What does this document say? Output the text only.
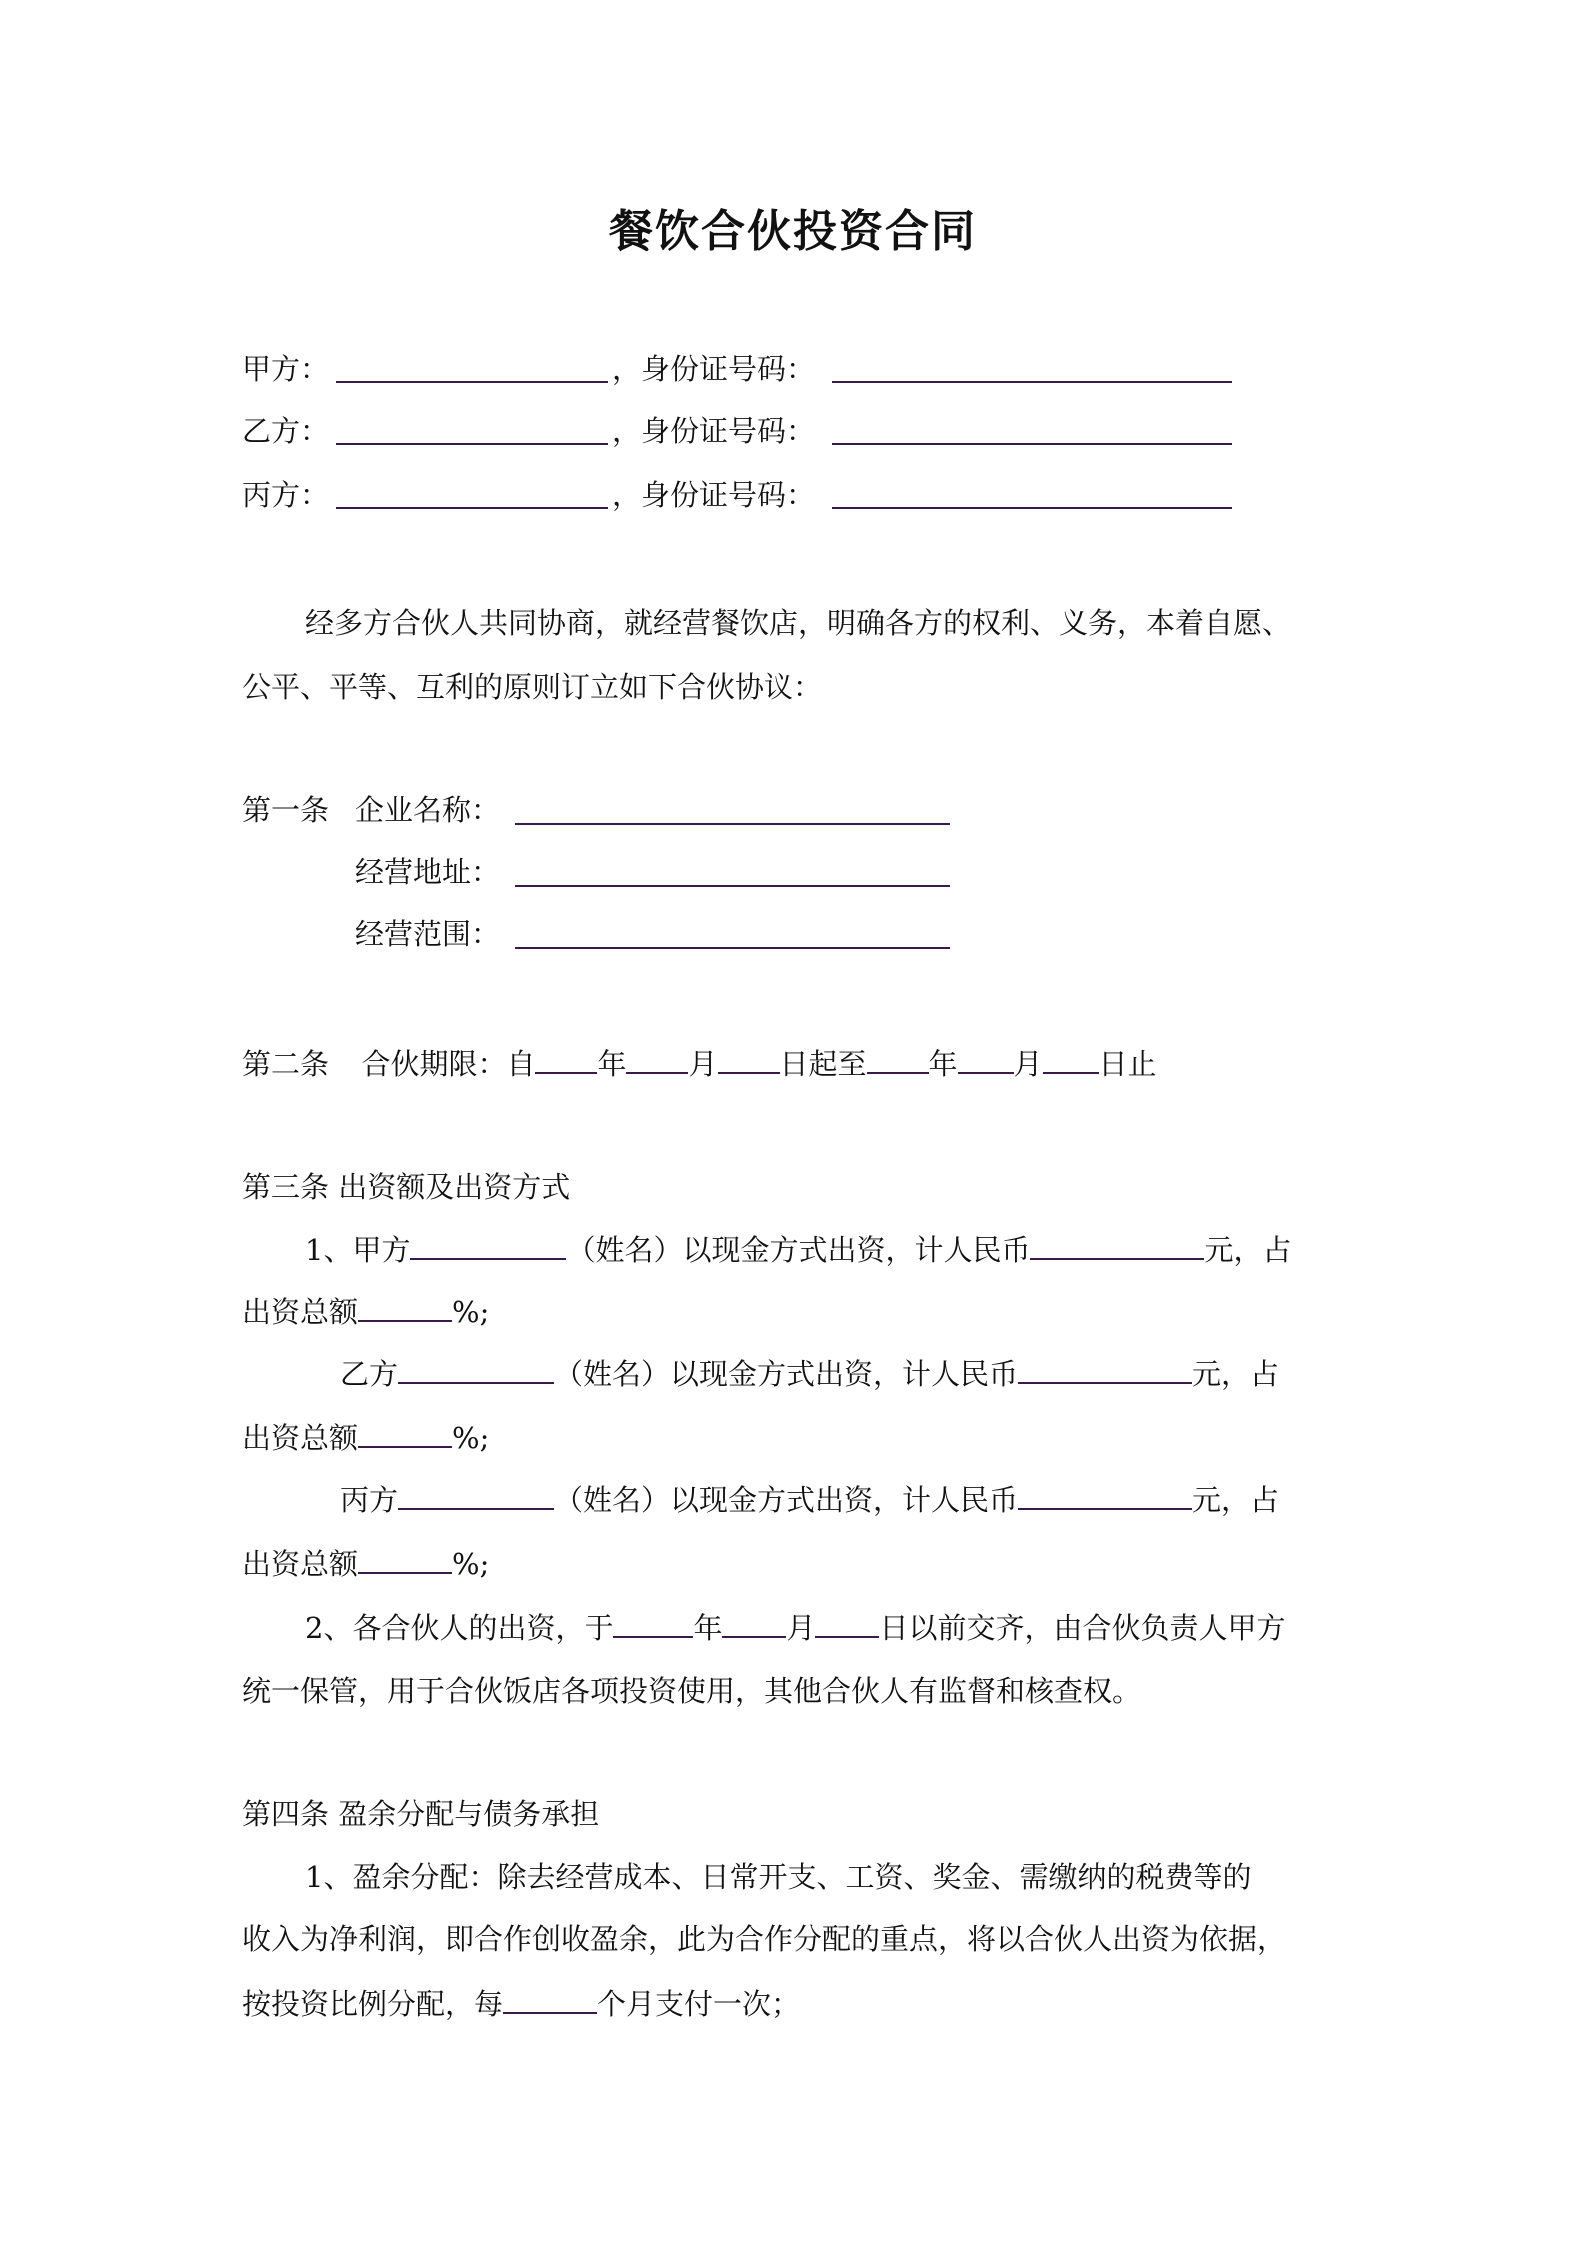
餐饮合伙投资合同
甲方：	，身份证号码：
乙方：	，身份证号码：
丙方：	，身份证号码：
经多方合伙人共同协商，就经营餐饮店，明确各方的权利、义务，本着自愿、
公平、平等、互利的原则订立如下合伙协议：
第一条 企业名称：
经营地址：
经营范围：
第二条 合伙期限：自 年 月 日起至 年 月 日止
第三条 出资额及出资方式
1、甲方	（姓名）以现金方式出资，计人民币	元，占
出资总额	%;
乙方	（姓名）以现金方式出资，计人民币	元，占
出资总额	%;
丙方	（姓名）以现金方式出资，计人民币	元，占
出资总额	%;
2、各合伙人的出资，于	年 月 日以前交齐，由合伙负责人甲方
统一保管，用于合伙饭店各项投资使用，其他合伙人有监督和核查权。
第四条 盈余分配与债务承担
1、盈余分配：除去经营成本、日常开支、工资、奖金、需缴纳的税费等的
收入为净利润，即合作创收盈余，此为合作分配的重点，将以合伙人出资为依据，
按投资比例分配，每	个月支付一次；
